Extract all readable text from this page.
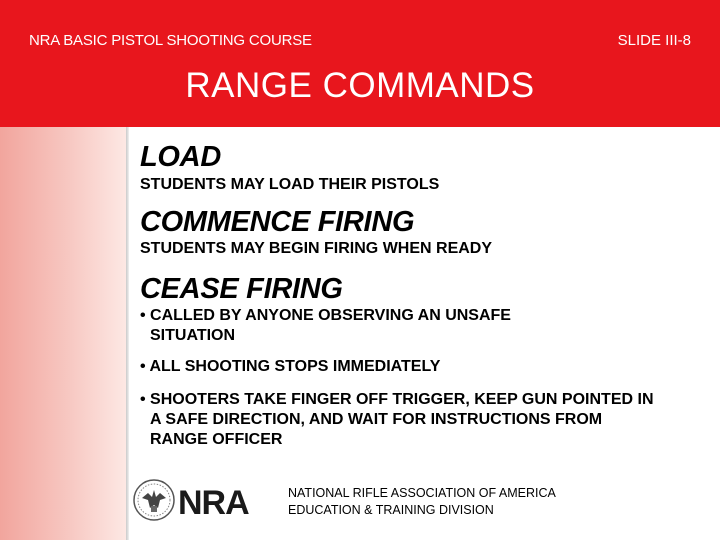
NRA BASIC PISTOL SHOOTING COURSE	SLIDE III-8
RANGE COMMANDS
LOAD
STUDENTS MAY LOAD THEIR PISTOLS
COMMENCE FIRING
STUDENTS MAY BEGIN FIRING WHEN READY
CEASE FIRING
• CALLED BY ANYONE OBSERVING AN UNSAFE SITUATION
• ALL SHOOTING STOPS IMMEDIATELY
• SHOOTERS TAKE FINGER OFF TRIGGER, KEEP GUN POINTED IN A SAFE DIRECTION, AND WAIT FOR INSTRUCTIONS FROM RANGE OFFICER
NRA	NATIONAL RIFLE ASSOCIATION OF AMERICA
EDUCATION & TRAINING DIVISION
